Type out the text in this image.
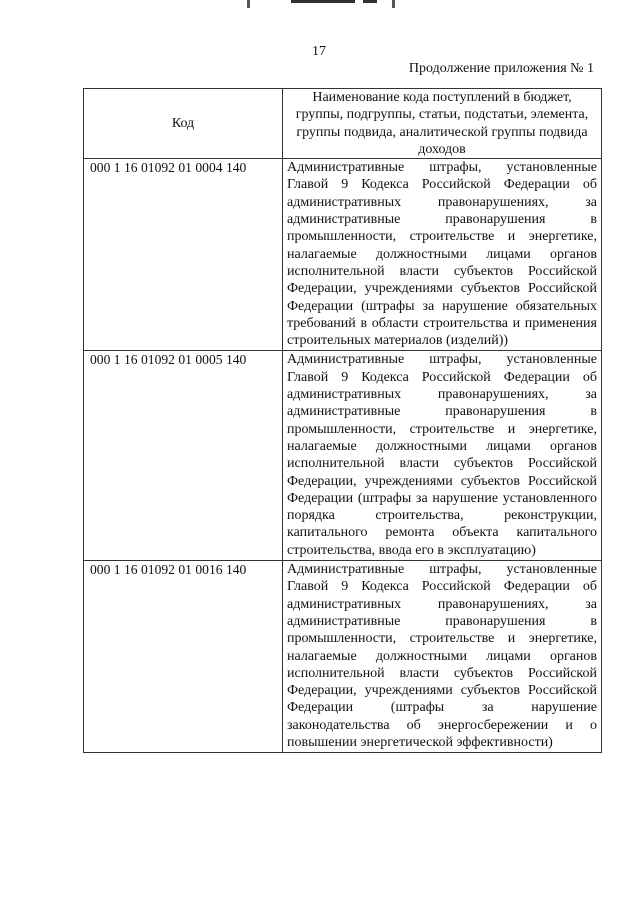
17
Продолжение приложения № 1
Код	Наименование кода поступлений в бюджет, группы, подгруппы, статьи, подстатьи, элемента, группы подвида, аналитической группы подвида доходов
000 1 16 01092 01 0004 140	Административные штрафы, установленные Главой 9 Кодекса Российской Федерации об административных правонарушениях, за административные правонарушения в промышленности, строительстве и энергетике, налагаемые должностными лицами органов исполнительной власти субъектов Российской Федерации, учреждениями субъектов Российской Федерации (штрафы за нарушение обязательных требований в области строительства и применения строительных материалов (изделий))
000 1 16 01092 01 0005 140	Административные штрафы, установленные Главой 9 Кодекса Российской Федерации об административных правонарушениях, за административные правонарушения в промышленности, строительстве и энергетике, налагаемые должностными лицами органов исполнительной власти субъектов Российской Федерации, учреждениями субъектов Российской Федерации (штрафы за нарушение установленного порядка строительства, реконструкции, капитального ремонта объекта капитального строительства, ввода его в эксплуатацию)
000 1 16 01092 01 0016 140	Административные штрафы, установленные Главой 9 Кодекса Российской Федерации об административных правонарушениях, за административные правонарушения в промышленности, строительстве и энергетике, налагаемые должностными лицами органов исполнительной власти субъектов Российской Федерации, учреждениями субъектов Российской Федерации (штрафы за нарушение законодательства об энергосбережении и о повышении энергетической эффективности)
